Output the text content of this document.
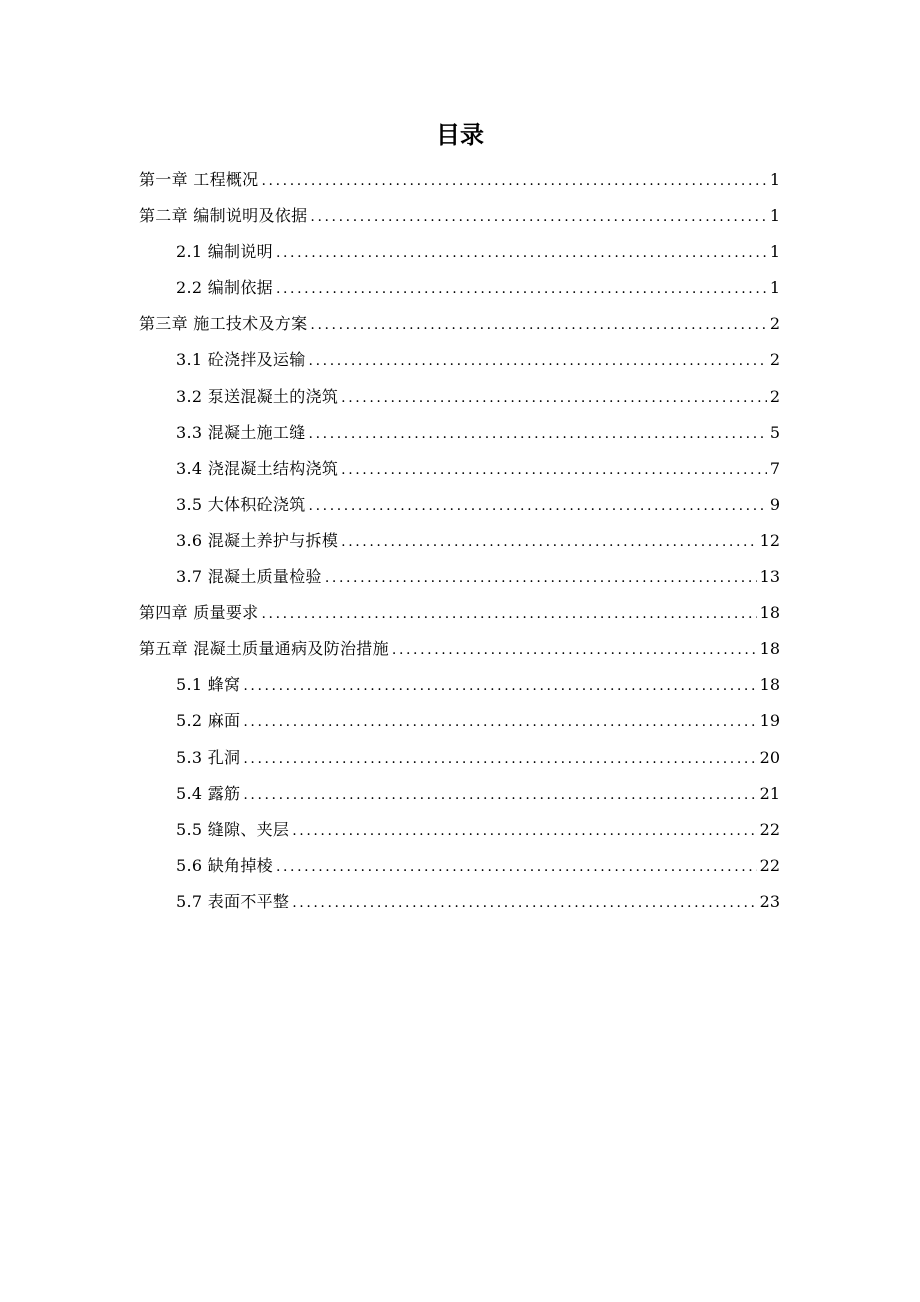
目录
第一章 工程概况 .....	1
第二章 编制说明及依据 .....	1
2.1 编制说明 .....	1
2.2 编制依据 .....	1
第三章 施工技术及方案 .....	2
3.1 砼浇拌及运输 .....	2
3.2 泵送混凝土的浇筑 .....	2
3.3 混凝土施工缝 .....	5
3.4 浇混凝土结构浇筑 .....	7
3.5 大体积砼浇筑 .....	9
3.6 混凝土养护与拆模 .....	12
3.7 混凝土质量检验 .....	13
第四章 质量要求 .....	18
第五章 混凝土质量通病及防治措施 .....	18
5.1 蜂窝 .....	18
5.2 麻面 .....	19
5.3 孔洞 .....	20
5.4 露筋 .....	21
5.5 缝隙、夹层 .....	22
5.6 缺角掉棱 .....	22
5.7 表面不平整 .....	23
